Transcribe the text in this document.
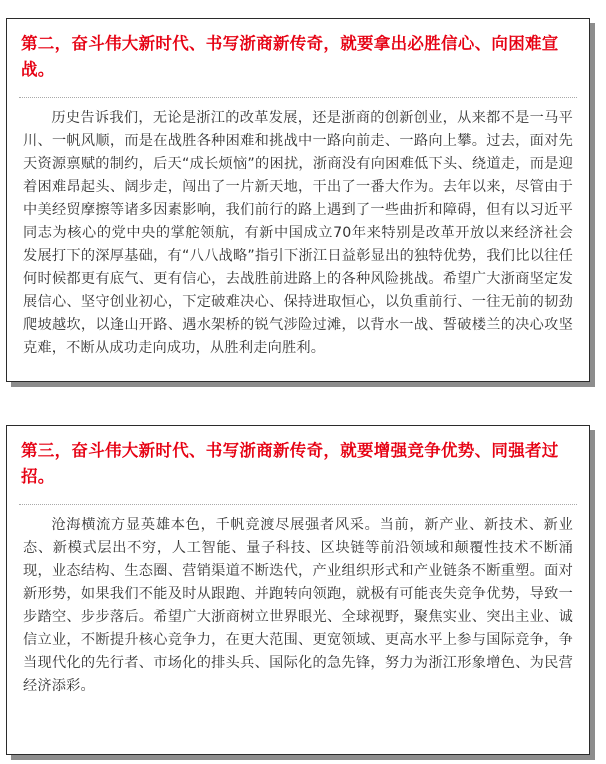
第二，奋斗伟大新时代、书写浙商新传奇，就要拿出必胜信心、向困难宣战。

历史告诉我们，无论是浙江的改革发展，还是浙商的创新创业，从来都不是一马平川、一帆风顺，而是在战胜各种困难和挑战中一路向前走、一路向上攀。过去，面对先天资源禀赋的制约，后天“成长烦恼”的困扰，浙商没有向困难低下头、绕道走，而是迎着困难昂起头、阔步走，闯出了一片新天地，干出了一番大作为。去年以来，尽管由于中美经贸摩擦等诸多因素影响，我们前行的路上遇到了一些曲折和障碍，但有以习近平同志为核心的党中央的掌舵领航，有新中国成立70年来特别是改革开放以来经济社会发展打下的深厚基础，有“八八战略”指引下浙江日益彰显出的独特优势，我们比以往任何时候都更有底气、更有信心，去战胜前进路上的各种风险挑战。希望广大浙商坚定发展信心、坚守创业初心，下定破难决心、保持进取恒心，以负重前行、一往无前的韧劲爬坡越坎，以逢山开路、遇水架桥的锐气涉险过滩，以背水一战、誓破楼兰的决心攻坚克难，不断从成功走向成功，从胜利走向胜利。

第三，奋斗伟大新时代、书写浙商新传奇，就要增强竞争优势、同强者过招。

沧海横流方显英雄本色，千帆竞渡尽展强者风采。当前，新产业、新技术、新业态、新模式层出不穷，人工智能、量子科技、区块链等前沿领域和颠覆性技术不断涌现，业态结构、生态圈、营销渠道不断迭代，产业组织形式和产业链条不断重塑。面对新形势，如果我们不能及时从跟跑、并跑转向领跑，就极有可能丧失竞争优势，导致一步踏空、步步落后。希望广大浙商树立世界眼光、全球视野，聚焦实业、突出主业、诚信立业，不断提升核心竞争力，在更大范围、更宽领域、更高水平上参与国际竞争，争当现代化的先行者、市场化的排头兵、国际化的急先锋，努力为浙江形象增色、为民营经济添彩。
